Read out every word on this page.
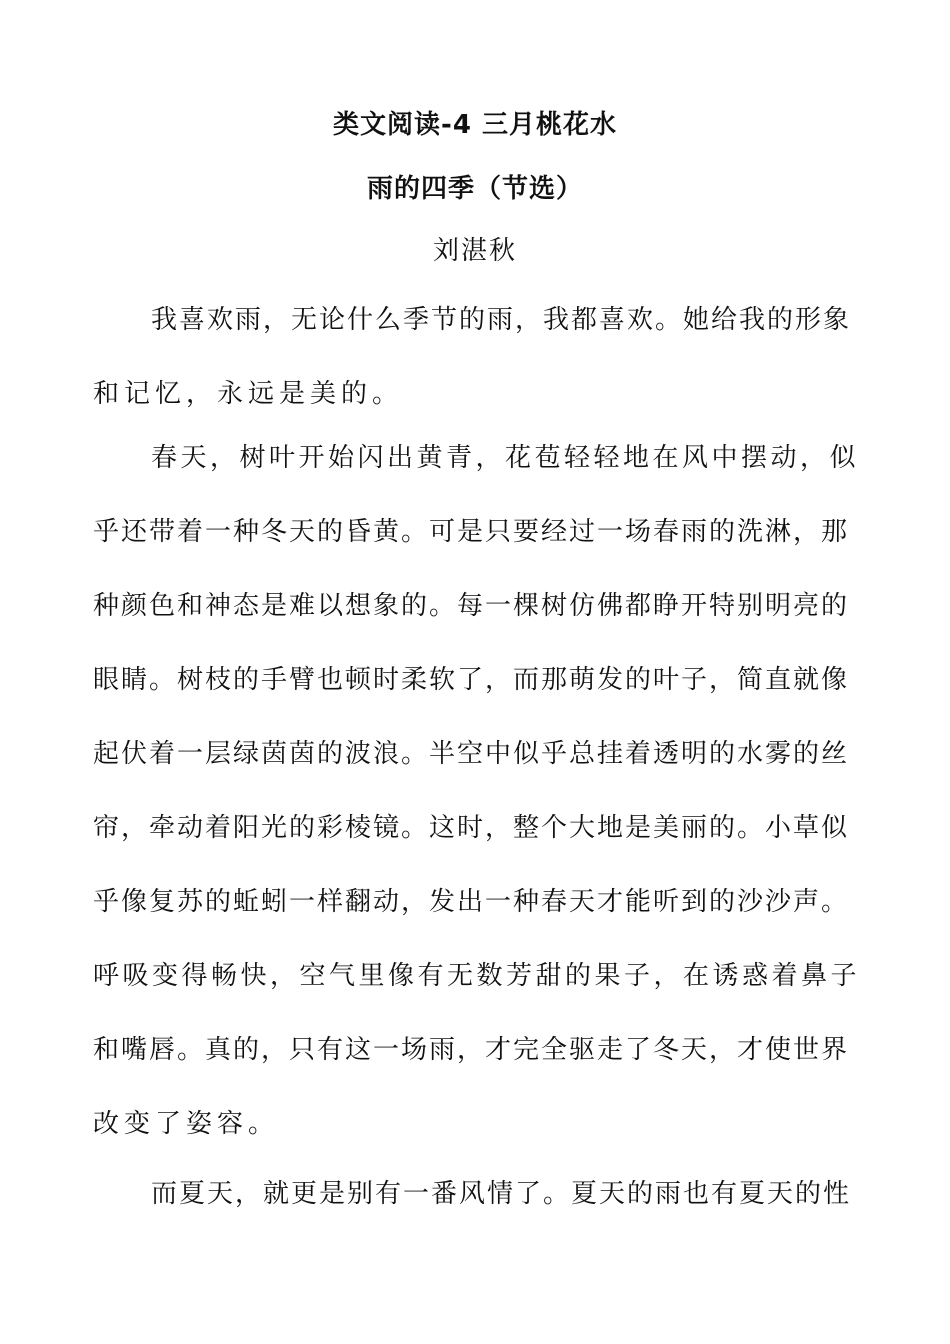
类文阅读-4 三月桃花水
雨的四季（节选）
刘湛秋
我喜欢雨，无论什么季节的雨，我都喜欢。她给我的形象
和记忆，永远是美的。
春天，树叶开始闪出黄青，花苞轻轻地在风中摆动，似
乎还带着一种冬天的昏黄。可是只要经过一场春雨的洗淋，那
种颜色和神态是难以想象的。每一棵树仿佛都睁开特别明亮的
眼睛。树枝的手臂也顿时柔软了，而那萌发的叶子，简直就像
起伏着一层绿茵茵的波浪。半空中似乎总挂着透明的水雾的丝
帘，牵动着阳光的彩棱镜。这时，整个大地是美丽的。小草似
乎像复苏的蚯蚓一样翻动，发出一种春天才能听到的沙沙声。
呼吸变得畅快，空气里像有无数芳甜的果子，在诱惑着鼻子
和嘴唇。真的，只有这一场雨，才完全驱走了冬天，才使世界
改变了姿容。
而夏天，就更是别有一番风情了。夏天的雨也有夏天的性
